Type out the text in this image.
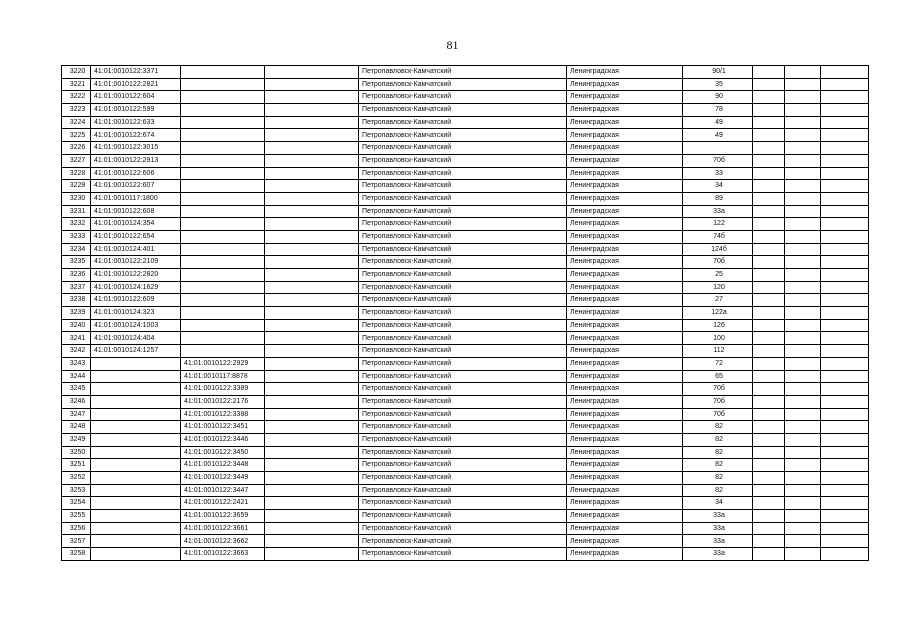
81
3220	41:01:0010122:3371			Петропавловск-Камчатский	Ленинградская	90/1			
3221	41:01:0010122:2821			Петропавловск-Камчатский	Ленинградская	35			
3222	41:01:0010122:604			Петропавловск-Камчатский	Ленинградская	90			
3223	41:01:0010122:599			Петропавловск-Камчатский	Ленинградская	78			
3224	41:01:0010122:633			Петропавловск-Камчатский	Ленинградская	49			
3225	41:01:0010122:674			Петропавловск-Камчатский	Ленинградская	49			
3226	41:01:0010122:3015			Петропавловск-Камчатский	Ленинградская				
3227	41:01:0010122:2913			Петропавловск-Камчатский	Ленинградская	70б			
3228	41:01:0010122:606			Петропавловск-Камчатский	Ленинградская	33			
3229	41:01:0010122:607			Петропавловск-Камчатский	Ленинградская	34			
3230	41:01:0010117:1800			Петропавловск-Камчатский	Ленинградская	89			
3231	41:01:0010122:608			Петропавловск-Камчатский	Ленинградская	33а			
3232	41:01:0010124:354			Петропавловск-Камчатский	Ленинградская	122			
3233	41:01:0010122:654			Петропавловск-Камчатский	Ленинградская	74б			
3234	41:01:0010124:401			Петропавловск-Камчатский	Ленинградская	124б			
3235	41:01:0010122:2109			Петропавловск-Камчатский	Ленинградская	70б			
3236	41:01:0010122:2820			Петропавловск-Камчатский	Ленинградская	25			
3237	41:01:0010124:1629			Петропавловск-Камчатский	Ленинградская	120			
3238	41:01:0010122:609			Петропавловск-Камчатский	Ленинградская	27			
3239	41:01:0010124:323			Петропавловск-Камчатский	Ленинградская	122а			
3240	41:01:0010124:1003			Петропавловск-Камчатский	Ленинградская	126			
3241	41:01:0010124:404			Петропавловск-Камчатский	Ленинградская	100			
3242	41:01:0010124:1257			Петропавловск-Камчатский	Ленинградская	112			
3243		41:01:0010122:2929		Петропавловск-Камчатский	Ленинградская	72			
3244		41:01:0010117:8878		Петропавловск-Камчатский	Ленинградская	65			
3245		41:01:0010122:3389		Петропавловск-Камчатский	Ленинградская	70б			
3246		41:01:0010122:2176		Петропавловск-Камчатский	Ленинградская	70б			
3247		41:01:0010122:3388		Петропавловск-Камчатский	Ленинградская	70б			
3248		41:01:0010122:3451		Петропавловск-Камчатский	Ленинградская	82			
3249		41:01:0010122:3446		Петропавловск-Камчатский	Ленинградская	82			
3250		41:01:0010122:3450		Петропавловск-Камчатский	Ленинградская	82			
3251		41:01:0010122:3448		Петропавловск-Камчатский	Ленинградская	82			
3252		41:01:0010122:3449		Петропавловск-Камчатский	Ленинградская	82			
3253		41:01:0010122:3447		Петропавловск-Камчатский	Ленинградская	82			
3254		41:01:0010122:2421		Петропавловск-Камчатский	Ленинградская	34			
3255		41:01:0010122:3659		Петропавловск-Камчатский	Ленинградская	33а			
3256		41:01:0010122:3661		Петропавловск-Камчатский	Ленинградская	33а			
3257		41:01:0010122:3662		Петропавловск-Камчатский	Ленинградская	33а			
3258		41:01:0010122:3663		Петропавловск-Камчатский	Ленинградская	33а			
